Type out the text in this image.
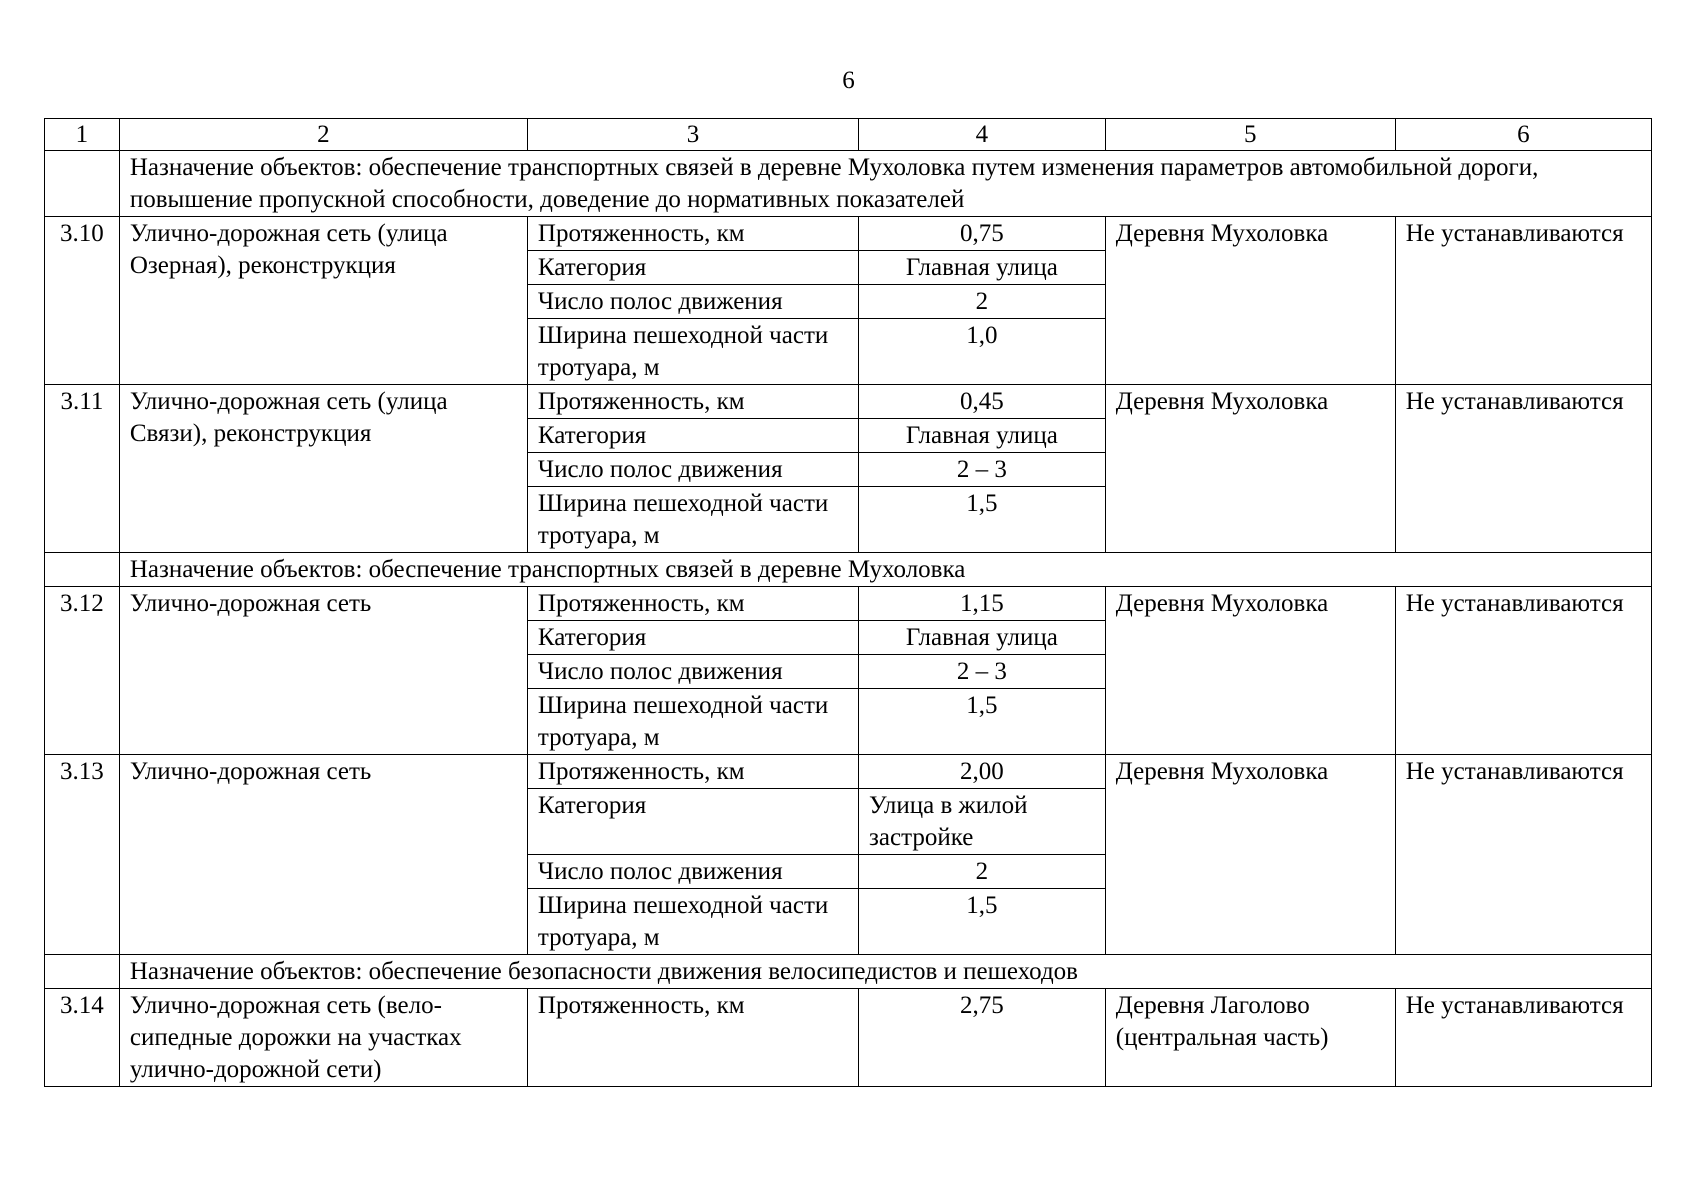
6
1	2	3	4	5	6
	Назначение объектов: обеспечение транспортных связей в деревне Мухоловка путем изменения параметров автомобильной дороги, повышение пропускной способности, доведение до нормативных показателей				
3.10	Улично-дорожная сеть (улица Озерная), реконструкция	Протяженность, км	0,75	Деревня Мухоловка	Не устанавливаются
		Категория	Главная улица		
		Число полос движения	2		
		Ширина пешеходной части тротуара, м	1,0		
3.11	Улично-дорожная сеть (улица Связи), реконструкция	Протяженность, км	0,45	Деревня Мухоловка	Не устанавливаются
		Категория	Главная улица		
		Число полос движения	2 – 3		
		Ширина пешеходной части тротуара, м	1,5		
	Назначение объектов: обеспечение транспортных связей в деревне Мухоловка				
3.12	Улично-дорожная сеть	Протяженность, км	1,15	Деревня Мухоловка	Не устанавливаются
		Категория	Главная улица		
		Число полос движения	2 – 3		
		Ширина пешеходной части тротуара, м	1,5		
3.13	Улично-дорожная сеть	Протяженность, км	2,00	Деревня Мухоловка	Не устанавливаются
		Категория	Улица в жилой застройке		
		Число полос движения	2		
		Ширина пешеходной части тротуара, м	1,5		
	Назначение объектов: обеспечение безопасности движения велосипедистов и пешеходов				
3.14	Улично-дорожная сеть (вело-сипедные дорожки на участках улично-дорожной сети)	Протяженность, км	2,75	Деревня Лаголово (центральная часть)	Не устанавливаются
